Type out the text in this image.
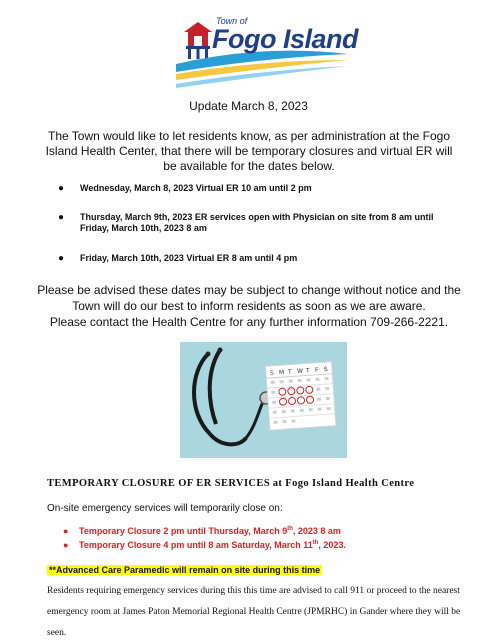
Town of
Fogo Island
Update March 8, 2023
The Town would like to let residents know, as per administration at the Fogo Island Health Center, that there will be temporary closures and virtual ER will be available for the dates below.
● Wednesday, March 8, 2023 Virtual ER 10 am until 2 pm
● Thursday, March 9th, 2023 ER services open with Physician on site from 8 am until
Friday, March 10th, 2023 8 am
● Friday, March 10th, 2023 Virtual ER 8 am until 4 pm
Please be advised these dates may be subject to change without notice and the Town will do our best to inform residents as soon as we are aware.
Please contact the Health Centre for any further information 709-266-2221.
S M T W T F S
TEMPORARY CLOSURE OF ER SERVICES at Fogo Island Health Centre
On-site emergency services will temporarily close on:
● Temporary Closure 2 pm until Thursday, March 9th, 2023 8 am
● Temporary Closure 4 pm until 8 am Saturday, March 11th, 2023.
**Advanced Care Paramedic will remain on site during this time
Residents requiring emergency services during this this time are advised to call 911 or proceed to the nearest emergency room at James Paton Memorial Regional Health Centre (JPMRHC) in Gander where they will be seen.
